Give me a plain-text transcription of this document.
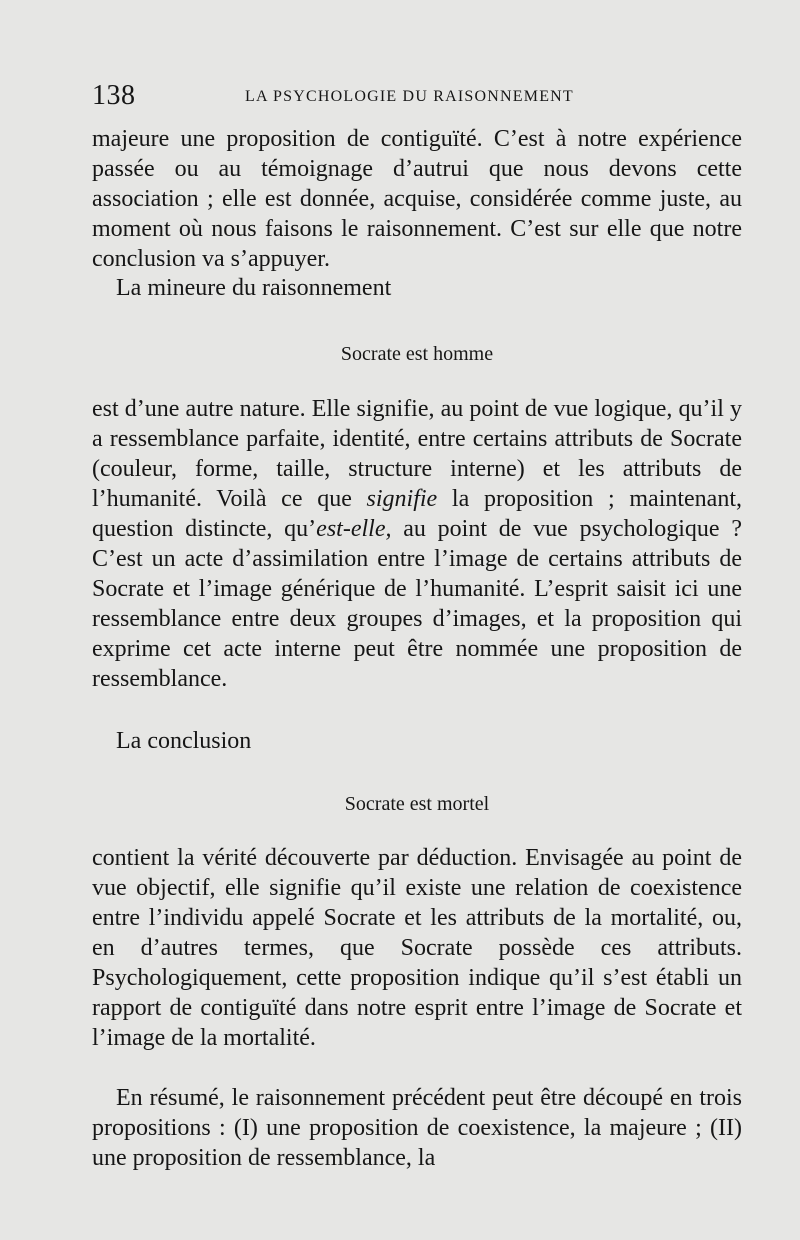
138	LA PSYCHOLOGIE DU RAISONNEMENT

majeure une proposition de contiguïté. C’est à notre expérience passée ou au témoignage d’autrui que nous devons cette association ; elle est donnée, acquise, considérée comme juste, au moment où nous faisons le raisonnement. C’est sur elle que notre conclusion va s’appuyer.

La mineure du raisonnement

Socrate est homme

est d’une autre nature. Elle signifie, au point de vue logique, qu’il y a ressemblance parfaite, identité, entre certains attributs de Socrate (couleur, forme, taille, structure interne) et les attributs de l’humanité. Voilà ce que signifie la proposition ; maintenant, question distincte, qu’est-elle, au point de vue psychologique ? C’est un acte d’assimilation entre l’image de certains attributs de Socrate et l’image générique de l’humanité. L’esprit saisit ici une ressemblance entre deux groupes d’images, et la proposition qui exprime cet acte interne peut être nommée une proposition de ressemblance.

La conclusion

Socrate est mortel

contient la vérité découverte par déduction. Envisagée au point de vue objectif, elle signifie qu’il existe une relation de coexistence entre l’individu appelé Socrate et les attributs de la mortalité, ou, en d’autres termes, que Socrate possède ces attributs. Psychologiquement, cette proposition indique qu’il s’est établi un rapport de contiguïté dans notre esprit entre l’image de Socrate et l’image de la mortalité.

En résumé, le raisonnement précédent peut être découpé en trois propositions : (I) une proposition de coexistence, la majeure ; (II) une proposition de ressemblance, la
